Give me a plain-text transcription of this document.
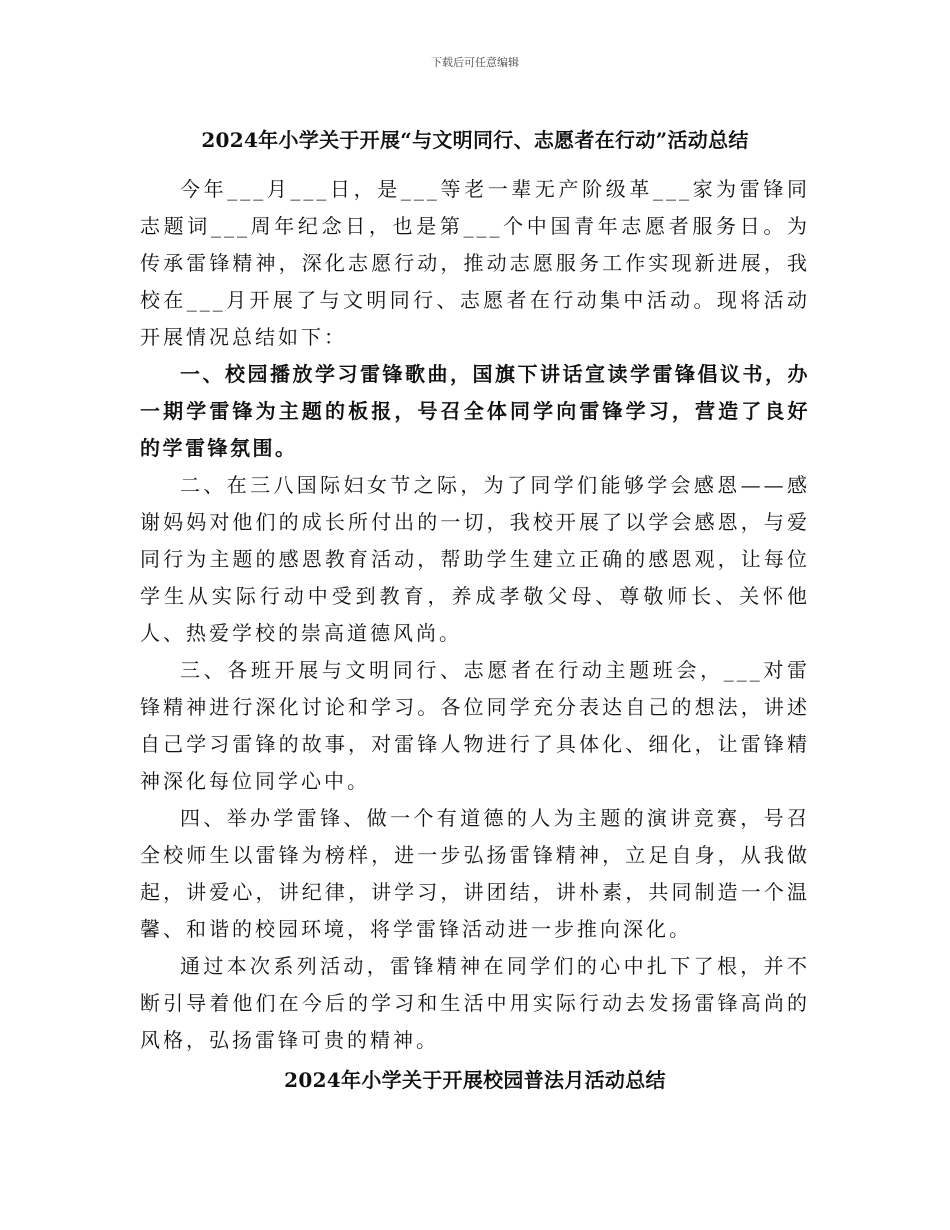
下载后可任意编辑
2024年小学关于开展“与文明同行、志愿者在行动”活动总结

今年___月___日，是___等老一辈无产阶级革___家为雷锋同志题词___周年纪念日，也是第___个中国青年志愿者服务日。为传承雷锋精神，深化志愿行动，推动志愿服务工作实现新进展，我校在___月开展了与文明同行、志愿者在行动集中活动。现将活动开展情况总结如下：

一、校园播放学习雷锋歌曲，国旗下讲话宣读学雷锋倡议书，办一期学雷锋为主题的板报，号召全体同学向雷锋学习，营造了良好的学雷锋氛围。

二、在三八国际妇女节之际，为了同学们能够学会感恩——感谢妈妈对他们的成长所付出的一切，我校开展了以学会感恩，与爱同行为主题的感恩教育活动，帮助学生建立正确的感恩观，让每位学生从实际行动中受到教育，养成孝敬父母、尊敬师长、关怀他人、热爱学校的崇高道德风尚。

三、各班开展与文明同行、志愿者在行动主题班会，___对雷锋精神进行深化讨论和学习。各位同学充分表达自己的想法，讲述自己学习雷锋的故事，对雷锋人物进行了具体化、细化，让雷锋精神深化每位同学心中。

四、举办学雷锋、做一个有道德的人为主题的演讲竞赛，号召全校师生以雷锋为榜样，进一步弘扬雷锋精神，立足自身，从我做起，讲爱心，讲纪律，讲学习，讲团结，讲朴素，共同制造一个温馨、和谐的校园环境，将学雷锋活动进一步推向深化。

通过本次系列活动，雷锋精神在同学们的心中扎下了根，并不断引导着他们在今后的学习和生活中用实际行动去发扬雷锋高尚的风格，弘扬雷锋可贵的精神。

2024年小学关于开展校园普法月活动总结
